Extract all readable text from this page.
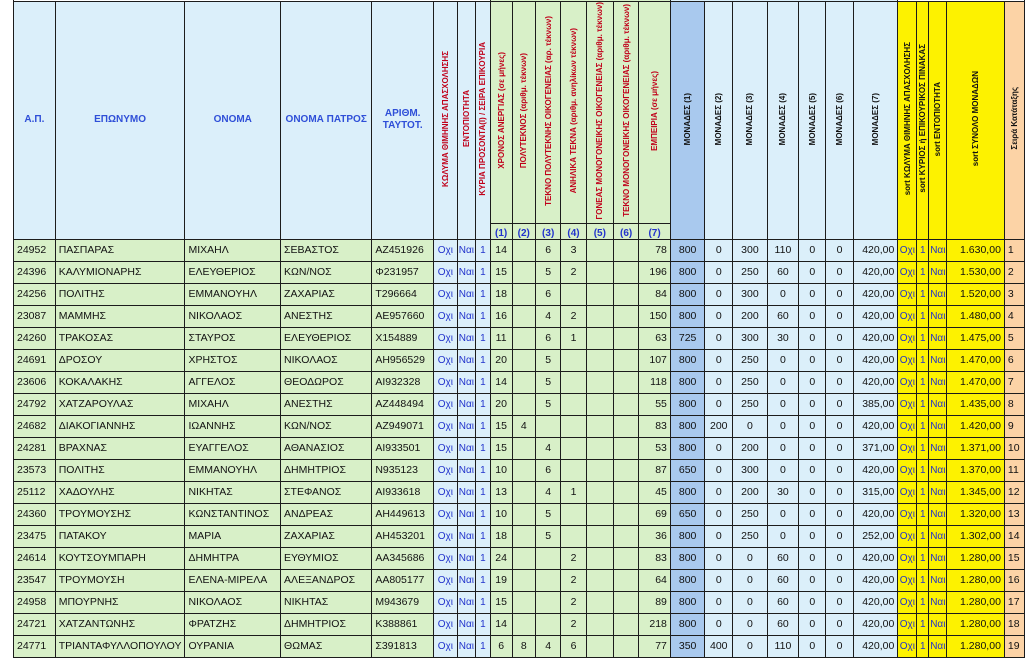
Α.Π.	ΕΠΩΝΥΜΟ	ΟΝΟΜΑ	ΟΝΟΜΑ ΠΑΤΡΟΣ	ΑΡΙΘΜ. ΤΑΥΤΟΤ.	ΚΩΛΥΜΑ ΘΙΜΗΝΗΣ ΑΠΑΣΧΟΛΗΣΗΣ	ΕΝΤΟΠΙΟΤΗΤΑ	ΚΥΡΙΑ ΠΡΟΣΟΝΤΑ(Ι) / ΣΕΙΡΑ ΕΠΙΚΟΥΡΙΑ	ΧΡΟΝΟΣ ΑΝΕΡΓΙΑΣ (σε μήνες)	ΠΟΛΥΤΕΚΝΟΣ (αριθμ. τέκνων)	ΤΕΚΝΟ ΠΟΛΥΤΕΚΝΗΣ ΟΙΚΟΓΕΝΕΙΑΣ (αρ. τέκνων)	ΑΝΗΛΙΚΑ ΤΕΚΝΑ (αριθμ. ανηλίκων τέκνων)	ΓΟΝΕΑΣ ΜΟΝΟΓΟΝΕΙΚΗΣ ΟΙΚΟΓΕΝΕΙΑΣ (αριθμ. τέκνων)	ΤΕΚΝΟ ΜΟΝΟΓΟΝΕΙΚΗΣ ΟΙΚΟΓΕΝΕΙΑΣ (αριθμ. τέκνων)	ΕΜΠΕΙΡΙΑ (σε μήνες)	ΜΟΝΑΔΕΣ (1)	ΜΟΝΑΔΕΣ (2)	ΜΟΝΑΔΕΣ (3)	ΜΟΝΑΔΕΣ (4)	ΜΟΝΑΔΕΣ (5)	ΜΟΝΑΔΕΣ (6)	ΜΟΝΑΔΕΣ (7)	sort ΚΩΛΥΜΑ ΘΙΜΗΝΗΣ ΑΠΑΣΧΟΛΗΣΗΣ	sort ΚΥΡΙΟΣ ή ΕΠΙΚΟΥΡΙΚΟΣ ΠΙΝΑΚΑΣ	sort ΕΝΤΟΠΙΟΤΗΤΑ	sort ΣΥΝΟΛΟ ΜΟΝΑΔΩΝ	Σειρά Κατάταξης

								(1)	(2)	(3)	(4)	(5)	(6)	(7)												

24952	ΠΑΣΠΑΡΑΣ	ΜΙΧΑΗΛ	ΣΕΒΑΣΤΟΣ	ΑΖ451926	Οχι	Ναι	1	14		6	3			78	800	0	300	110	0	0	420,00	Οχι	1	Ναι	1.630,00	1
24396	ΚΑΛΥΜΙΟΝΑΡΗΣ	ΕΛΕΥΘΕΡΙΟΣ	ΚΩΝ/ΝΟΣ	Φ231957	Οχι	Ναι	1	15		5	2			196	800	0	250	60	0	0	420,00	Οχι	1	Ναι	1.530,00	2
24256	ΠΟΛΙΤΗΣ	ΕΜΜΑΝΟΥΗΛ	ΖΑΧΑΡΙΑΣ	Τ296664	Οχι	Ναι	1	18		6				84	800	0	300	0	0	0	420,00	Οχι	1	Ναι	1.520,00	3
23087	ΜΑΜΜΗΣ	ΝΙΚΟΛΑΟΣ	ΑΝΕΣΤΗΣ	ΑΕ957660	Οχι	Ναι	1	16		4	2			150	800	0	200	60	0	0	420,00	Οχι	1	Ναι	1.480,00	4
24260	ΤΡΑΚΟΣΑΣ	ΣΤΑΥΡΟΣ	ΕΛΕΥΘΕΡΙΟΣ	Χ154889	Οχι	Ναι	1	11		6	1			63	725	0	300	30	0	0	420,00	Οχι	1	Ναι	1.475,00	5
24691	ΔΡΟΣΟΥ	ΧΡΗΣΤΟΣ	ΝΙΚΟΛΑΟΣ	ΑΗ956529	Οχι	Ναι	1	20		5				107	800	0	250	0	0	0	420,00	Οχι	1	Ναι	1.470,00	6
23606	ΚΟΚΑΛΑΚΗΣ	ΑΓΓΕΛΟΣ	ΘΕΟΔΩΡΟΣ	ΑΙ932328	Οχι	Ναι	1	14		5				118	800	0	250	0	0	0	420,00	Οχι	1	Ναι	1.470,00	7
24792	ΧΑΤΖΑΡΟΥΛΑΣ	ΜΙΧΑΗΛ	ΑΝΕΣΤΗΣ	ΑΖ448494	Οχι	Ναι	1	20		5				55	800	0	250	0	0	0	385,00	Οχι	1	Ναι	1.435,00	8
24682	ΔΙΑΚΟΓΙΑΝΝΗΣ	ΙΩΑΝΝΗΣ	ΚΩΝ/ΝΟΣ	ΑΖ949071	Οχι	Ναι	1	15	4					83	800	200	0	0	0	0	420,00	Οχι	1	Ναι	1.420,00	9
24281	ΒΡΑΧΝΑΣ	ΕΥΑΓΓΕΛΟΣ	ΑΘΑΝΑΣΙΟΣ	ΑΙ933501	Οχι	Ναι	1	15		4				53	800	0	200	0	0	0	371,00	Οχι	1	Ναι	1.371,00	10
23573	ΠΟΛΙΤΗΣ	ΕΜΜΑΝΟΥΗΛ	ΔΗΜΗΤΡΙΟΣ	Ν935123	Οχι	Ναι	1	10		6				87	650	0	300	0	0	0	420,00	Οχι	1	Ναι	1.370,00	11
25112	ΧΑΔΟΥΛΗΣ	ΝΙΚΗΤΑΣ	ΣΤΕΦΑΝΟΣ	ΑΙ933618	Οχι	Ναι	1	13		4	1			45	800	0	200	30	0	0	315,00	Οχι	1	Ναι	1.345,00	12
24360	ΤΡΟΥΜΟΥΣΗΣ	ΚΩΝΣΤΑΝΤΙΝΟΣ	ΑΝΔΡΕΑΣ	ΑΗ449613	Οχι	Ναι	1	10		5				69	650	0	250	0	0	0	420,00	Οχι	1	Ναι	1.320,00	13
23475	ΠΑΤΑΚΟΥ	ΜΑΡΙΑ	ΖΑΧΑΡΙΑΣ	ΑΗ453201	Οχι	Ναι	1	18		5				36	800	0	250	0	0	0	252,00	Οχι	1	Ναι	1.302,00	14
24614	ΚΟΥΤΣΟΥΜΠΑΡΗ	ΔΗΜΗΤΡΑ	ΕΥΘΥΜΙΟΣ	ΑΑ345686	Οχι	Ναι	1	24			2			83	800	0	0	60	0	0	420,00	Οχι	1	Ναι	1.280,00	15
23547	ΤΡΟΥΜΟΥΣΗ	ΕΛΕΝΑ-ΜΙΡΕΛΑ	ΑΛΕΞΑΝΔΡΟΣ	ΑΑ805177	Οχι	Ναι	1	19			2			64	800	0	0	60	0	0	420,00	Οχι	1	Ναι	1.280,00	16
24958	ΜΠΟΥΡΝΗΣ	ΝΙΚΟΛΑΟΣ	ΝΙΚΗΤΑΣ	Μ943679	Οχι	Ναι	1	15			2			89	800	0	0	60	0	0	420,00	Οχι	1	Ναι	1.280,00	17
24721	ΧΑΤΖΑΝΤΩΝΗΣ	ΦΡΑΤΖΗΣ	ΔΗΜΗΤΡΙΟΣ	Κ388861	Οχι	Ναι	1	14			2			218	800	0	0	60	0	0	420,00	Οχι	1	Ναι	1.280,00	18
24771	ΤΡΙΑΝΤΑΦΥΛΛΟΠΟΥΛΟΥ	ΟΥΡΑΝΙΑ	ΘΩΜΑΣ	Σ391813	Οχι	Ναι	1	6	8	4	6			77	350	400	0	110	0	0	420,00	Οχι	1	Ναι	1.280,00	19
